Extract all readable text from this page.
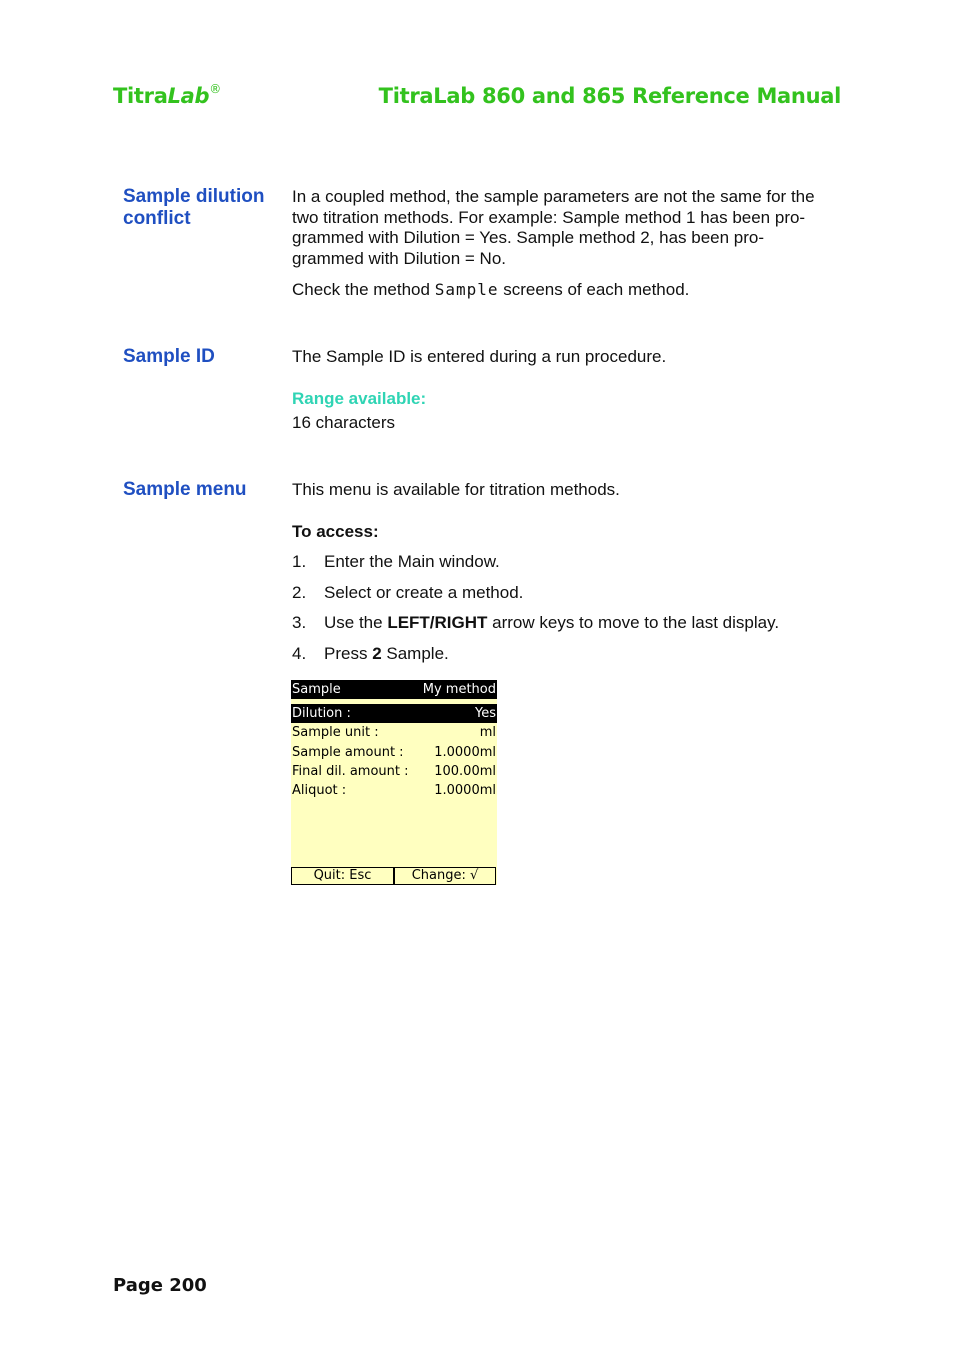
TitraLab®	TitraLab 860 and 865 Reference Manual
Sample dilution conflict
In a coupled method, the sample parameters are not the same for the
two titration methods. For example: Sample method 1 has been pro-
grammed with Dilution = Yes. Sample method 2, has been pro-
grammed with Dilution = No.
Check the method Sample screens of each method.
Sample ID	The Sample ID is entered during a run procedure.
Range available:
16 characters
Sample menu	This menu is available for titration methods.
To access:
1. Enter the Main window.
2. Select or create a method.
3. Use the LEFT/RIGHT arrow keys to move to the last display.
4. Press 2 Sample.
Sample	My method
Dilution :	Yes
Sample unit :	ml
Sample amount : 1.0000ml
Final dil. amount : 100.00ml
Aliquot :	1.0000ml
Quit: Esc	Change: √
Page 200
